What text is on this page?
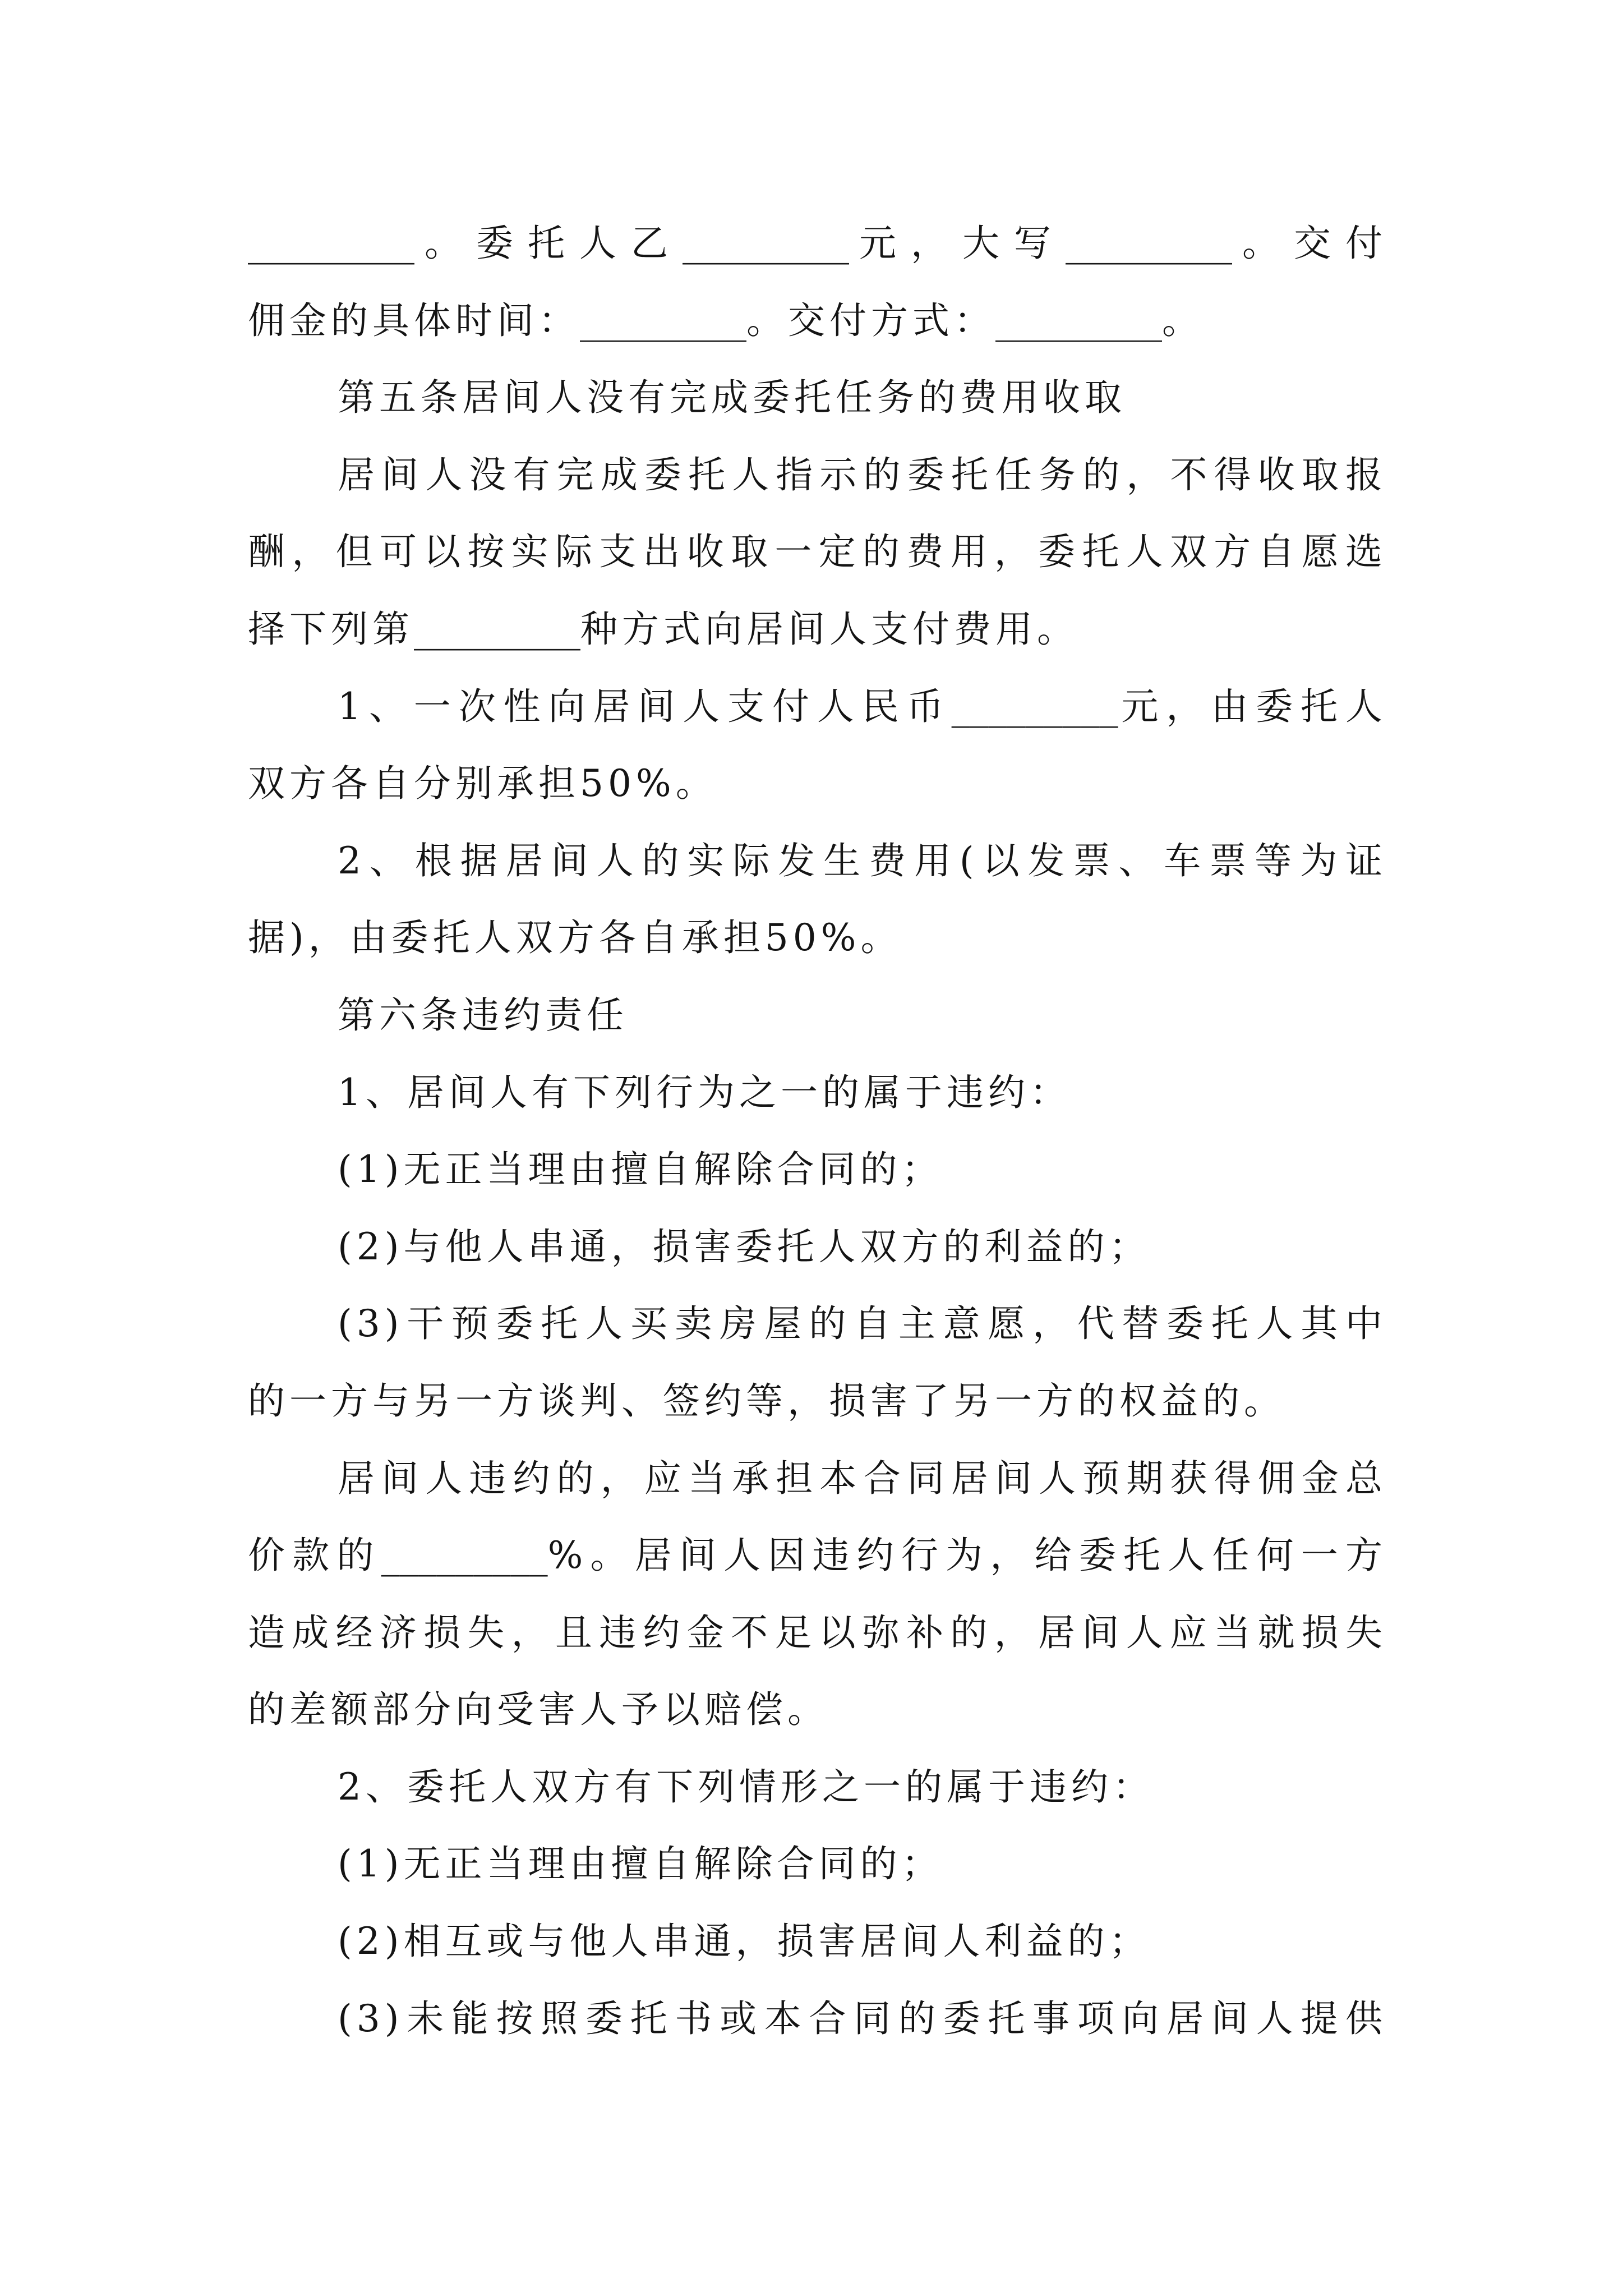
_________。委托人乙_________元，大写_________。交付
佣金的具体时间：_________。交付方式：_________。
第五条居间人没有完成委托任务的费用收取
居间人没有完成委托人指示的委托任务的，不得收取报
酬，但可以按实际支出收取一定的费用，委托人双方自愿选
择下列第_________种方式向居间人支付费用。
1、一次性向居间人支付人民币_________元，由委托人
双方各自分别承担50%。
2、根据居间人的实际发生费用(以发票、车票等为证
据)，由委托人双方各自承担50%。
第六条违约责任
1、居间人有下列行为之一的属于违约：
(1)无正当理由擅自解除合同的；
(2)与他人串通，损害委托人双方的利益的；
(3)干预委托人买卖房屋的自主意愿，代替委托人其中
的一方与另一方谈判、签约等，损害了另一方的权益的。
居间人违约的，应当承担本合同居间人预期获得佣金总
价款的_________%。居间人因违约行为，给委托人任何一方
造成经济损失，且违约金不足以弥补的，居间人应当就损失
的差额部分向受害人予以赔偿。
2、委托人双方有下列情形之一的属于违约：
(1)无正当理由擅自解除合同的；
(2)相互或与他人串通，损害居间人利益的；
(3)未能按照委托书或本合同的委托事项向居间人提供
